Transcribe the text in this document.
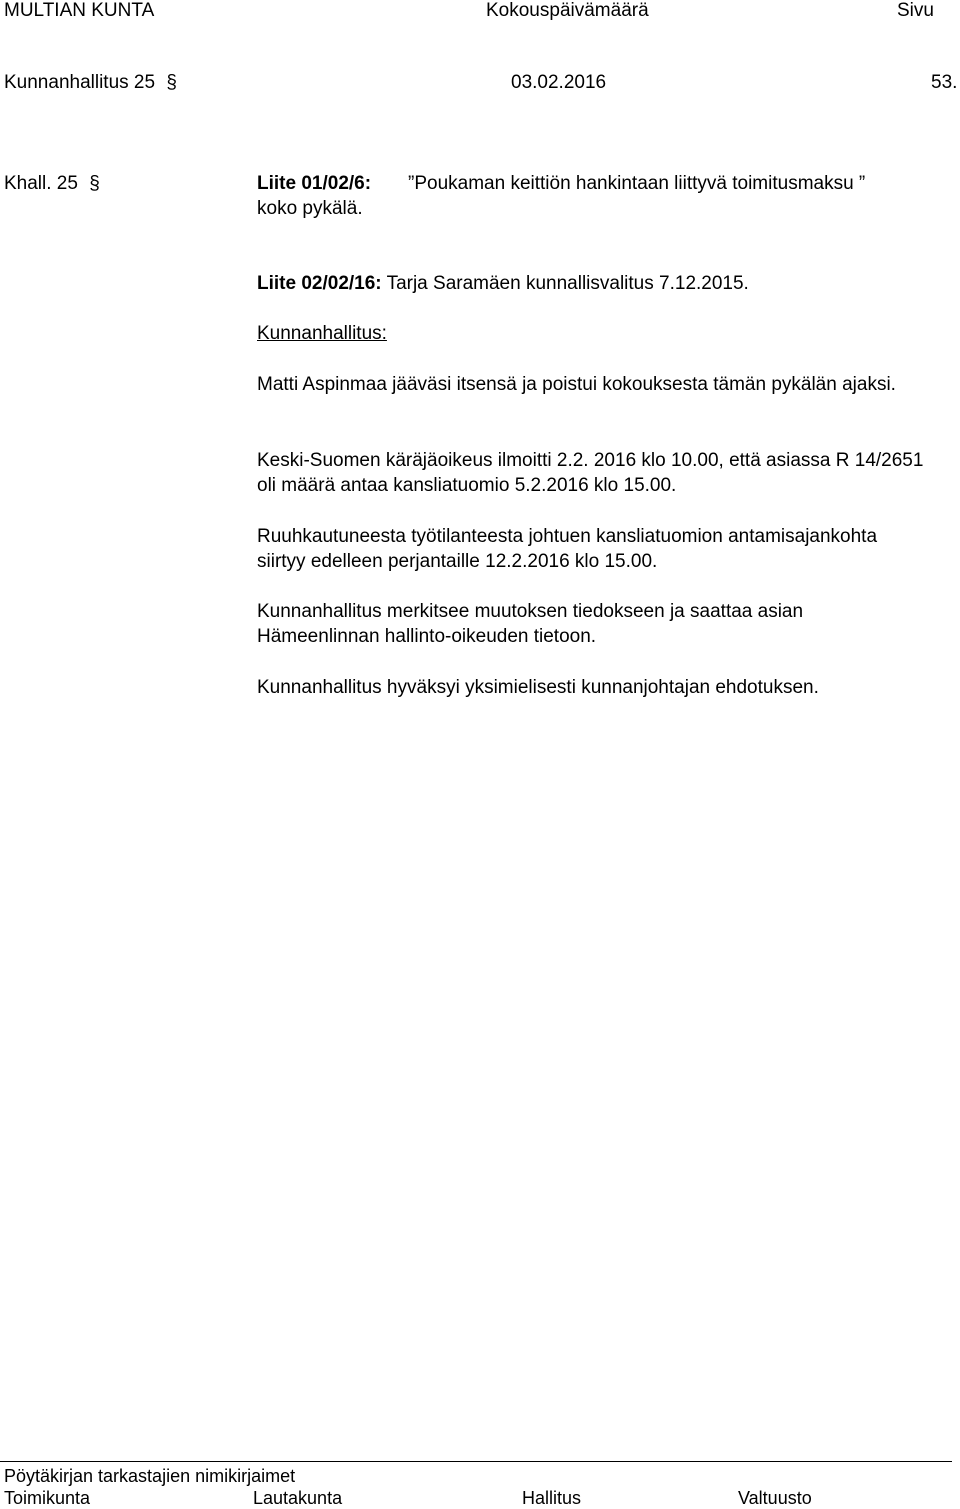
MULTIAN KUNTA	Kokouspäivämäärä	Sivu
Kunnanhallitus 25 §	03.02.2016	53.
Khall. 25 §	Liite 01/02/6: ”Poukaman keittiön hankintaan liittyvä toimitusmaksu ”
koko pykälä.
Liite 02/02/16: Tarja Saramäen kunnallisvalitus 7.12.2015.
Kunnanhallitus:
Matti Aspinmaa jääväsi itsensä ja poistui kokouksesta tämän pykälän ajaksi.
Keski-Suomen käräjäoikeus ilmoitti 2.2. 2016 klo 10.00, että asiassa R 14/2651 oli määrä antaa kansliatuomio 5.2.2016 klo 15.00.
Ruuhkautuneesta työtilanteesta johtuen kansliatuomion antamisajankohta siirtyy edelleen perjantaille 12.2.2016 klo 15.00.
Kunnanhallitus merkitsee muutoksen tiedokseen ja saattaa asian Hämeenlinnan hallinto-oikeuden tietoon.
Kunnanhallitus hyväksyi yksimielisesti kunnanjohtajan ehdotuksen.
Pöytäkirjan tarkastajien nimikirjaimet
Toimikunta	Lautakunta	Hallitus	Valtuusto
